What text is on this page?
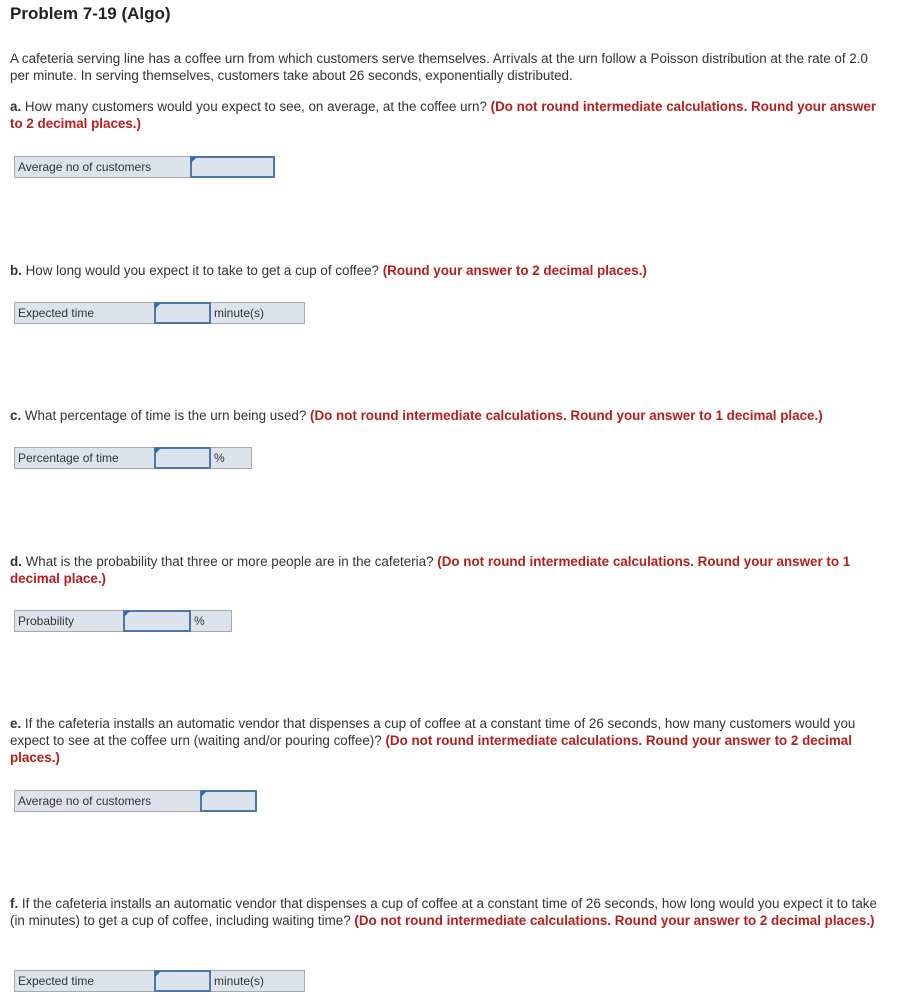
Problem 7-19 (Algo)
A cafeteria serving line has a coffee urn from which customers serve themselves. Arrivals at the urn follow a Poisson distribution at the rate of 2.0 per minute. In serving themselves, customers take about 26 seconds, exponentially distributed.
a. How many customers would you expect to see, on average, at the coffee urn? (Do not round intermediate calculations. Round your answer to 2 decimal places.)
Average no of customers
b. How long would you expect it to take to get a cup of coffee? (Round your answer to 2 decimal places.)
Expected time	minute(s)
c. What percentage of time is the urn being used? (Do not round intermediate calculations. Round your answer to 1 decimal place.)
Percentage of time	%
d. What is the probability that three or more people are in the cafeteria? (Do not round intermediate calculations. Round your answer to 1 decimal place.)
Probability	%
e. If the cafeteria installs an automatic vendor that dispenses a cup of coffee at a constant time of 26 seconds, how many customers would you expect to see at the coffee urn (waiting and/or pouring coffee)? (Do not round intermediate calculations. Round your answer to 2 decimal places.)
Average no of customers
f. If the cafeteria installs an automatic vendor that dispenses a cup of coffee at a constant time of 26 seconds, how long would you expect it to take (in minutes) to get a cup of coffee, including waiting time? (Do not round intermediate calculations. Round your answer to 2 decimal places.)
Expected time	minute(s)
